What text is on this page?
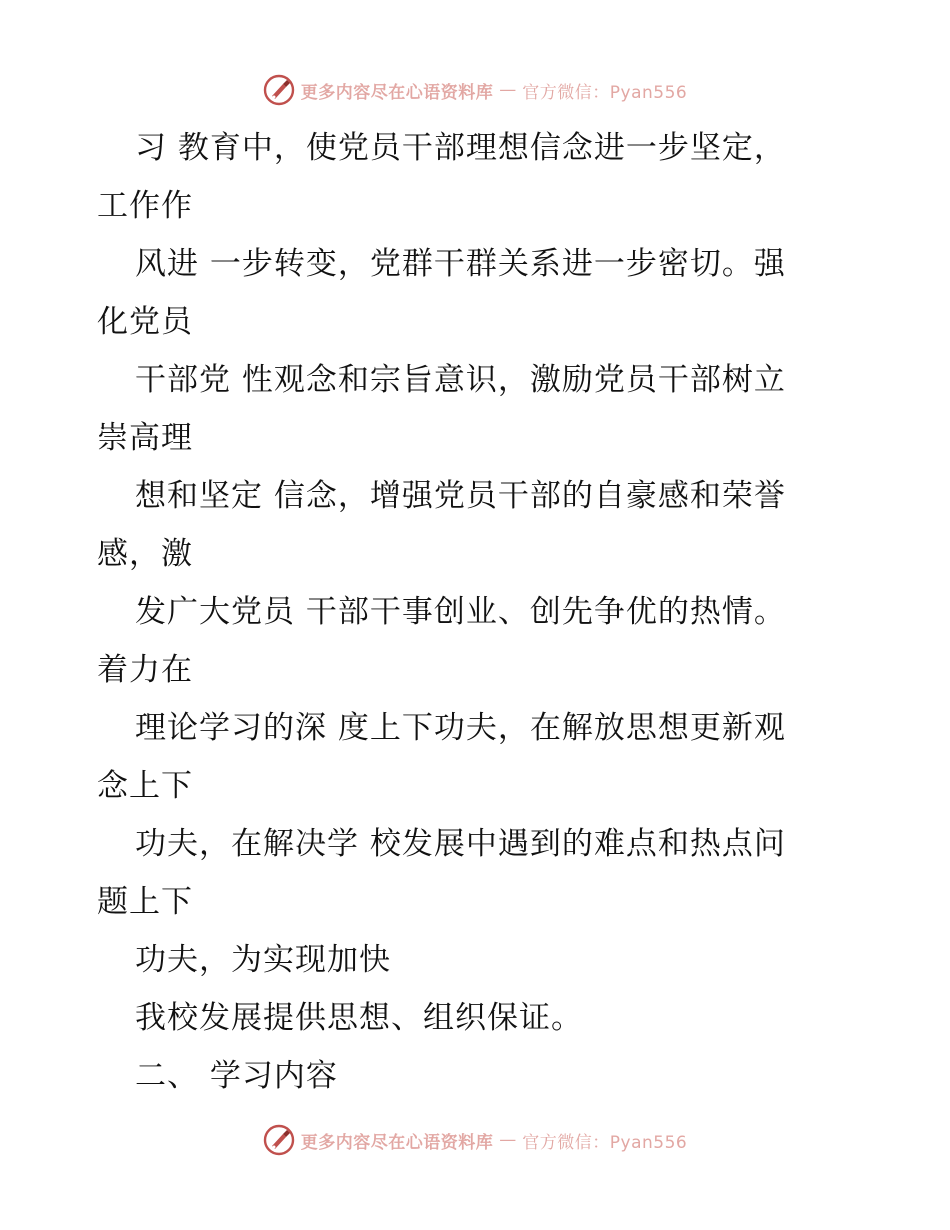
更多内容尽在心语资料库 — 官方微信：Pyan556
习 教育中，使党员干部理想信念进一步坚定，
工作作
风进 一步转变，党群干群关系进一步密切。强
化党员
干部党 性观念和宗旨意识，激励党员干部树立
崇高理
想和坚定 信念，增强党员干部的自豪感和荣誉
感，激
发广大党员 干部干事创业、创先争优的热情。
着力在
理论学习的深 度上下功夫，在解放思想更新观
念上下
功夫，在解决学 校发展中遇到的难点和热点问
题上下
功夫，为实现加快
我校发展提供思想、组织保证。
二、 学习内容
更多内容尽在心语资料库 — 官方微信：Pyan556
